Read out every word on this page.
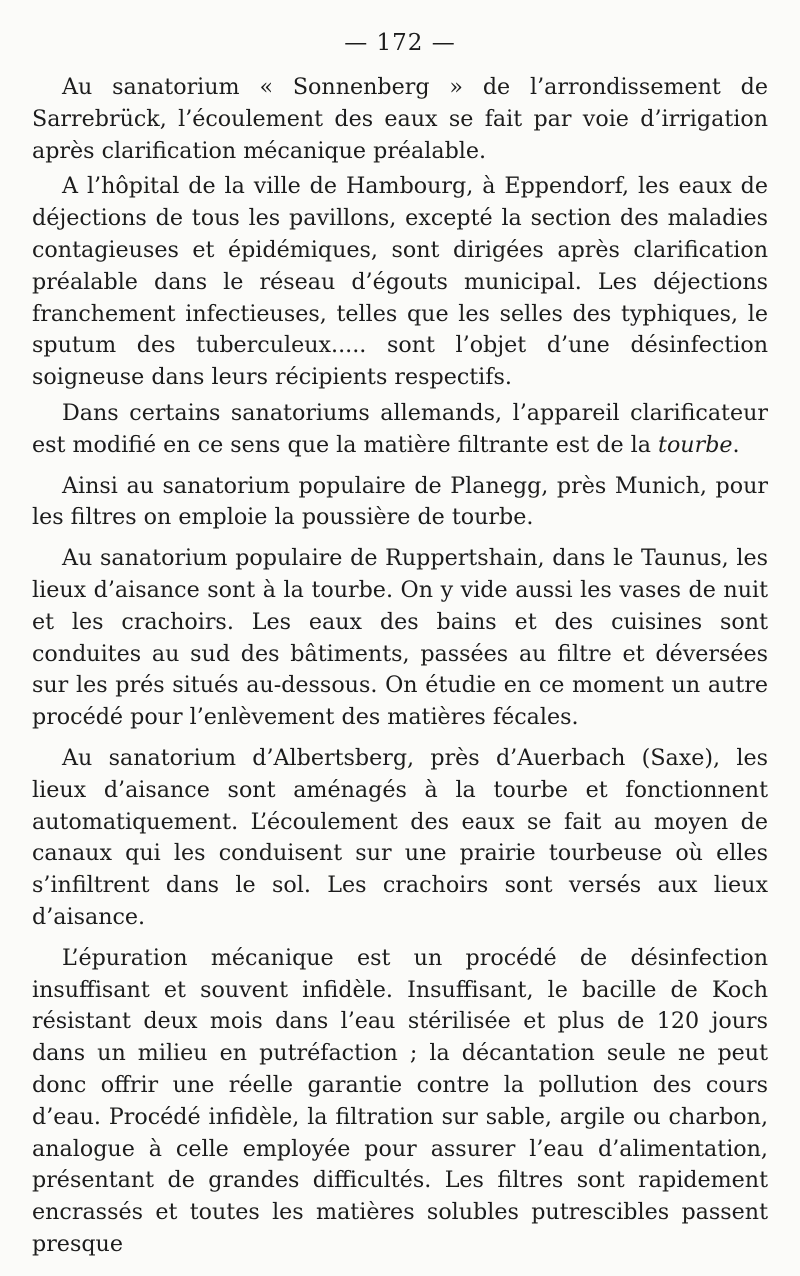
— 172 —

Au sanatorium « Sonnenberg » de l’arrondissement de Sarrebrück, l’écoulement des eaux se fait par voie d’irrigation après clarification mécanique préalable.

A l’hôpital de la ville de Hambourg, à Eppendorf, les eaux de déjections de tous les pavillons, excepté la section des maladies contagieuses et épidémiques, sont dirigées après clarification préalable dans le réseau d’égouts municipal. Les déjections franchement infectieuses, telles que les selles des typhiques, le sputum des tuberculeux..... sont l’objet d’une désinfection soigneuse dans leurs récipients respectifs.

Dans certains sanatoriums allemands, l’appareil clarificateur est modifié en ce sens que la matière filtrante est de la tourbe.

Ainsi au sanatorium populaire de Planegg, près Munich, pour les filtres on emploie la poussière de tourbe.

Au sanatorium populaire de Ruppertshain, dans le Taunus, les lieux d’aisance sont à la tourbe. On y vide aussi les vases de nuit et les crachoirs. Les eaux des bains et des cuisines sont conduites au sud des bâtiments, passées au filtre et déversées sur les prés situés au-dessous. On étudie en ce moment un autre procédé pour l’enlèvement des matières fécales.

Au sanatorium d’Albertsberg, près d’Auerbach (Saxe), les lieux d’aisance sont aménagés à la tourbe et fonctionnent automatiquement. L’écoulement des eaux se fait au moyen de canaux qui les conduisent sur une prairie tourbeuse où elles s’infiltrent dans le sol. Les crachoirs sont versés aux lieux d’aisance.

L’épuration mécanique est un procédé de désinfection insuffisant et souvent infidèle. Insuffisant, le bacille de Koch résistant deux mois dans l’eau stérilisée et plus de 120 jours dans un milieu en putréfaction ; la décantation seule ne peut donc offrir une réelle garantie contre la pollution des cours d’eau. Procédé infidèle, la filtration sur sable, argile ou charbon, analogue à celle employée pour assurer l’eau d’alimentation, présentant de grandes difficultés. Les filtres sont rapidement encrassés et toutes les matières solubles putrescibles passent presque
